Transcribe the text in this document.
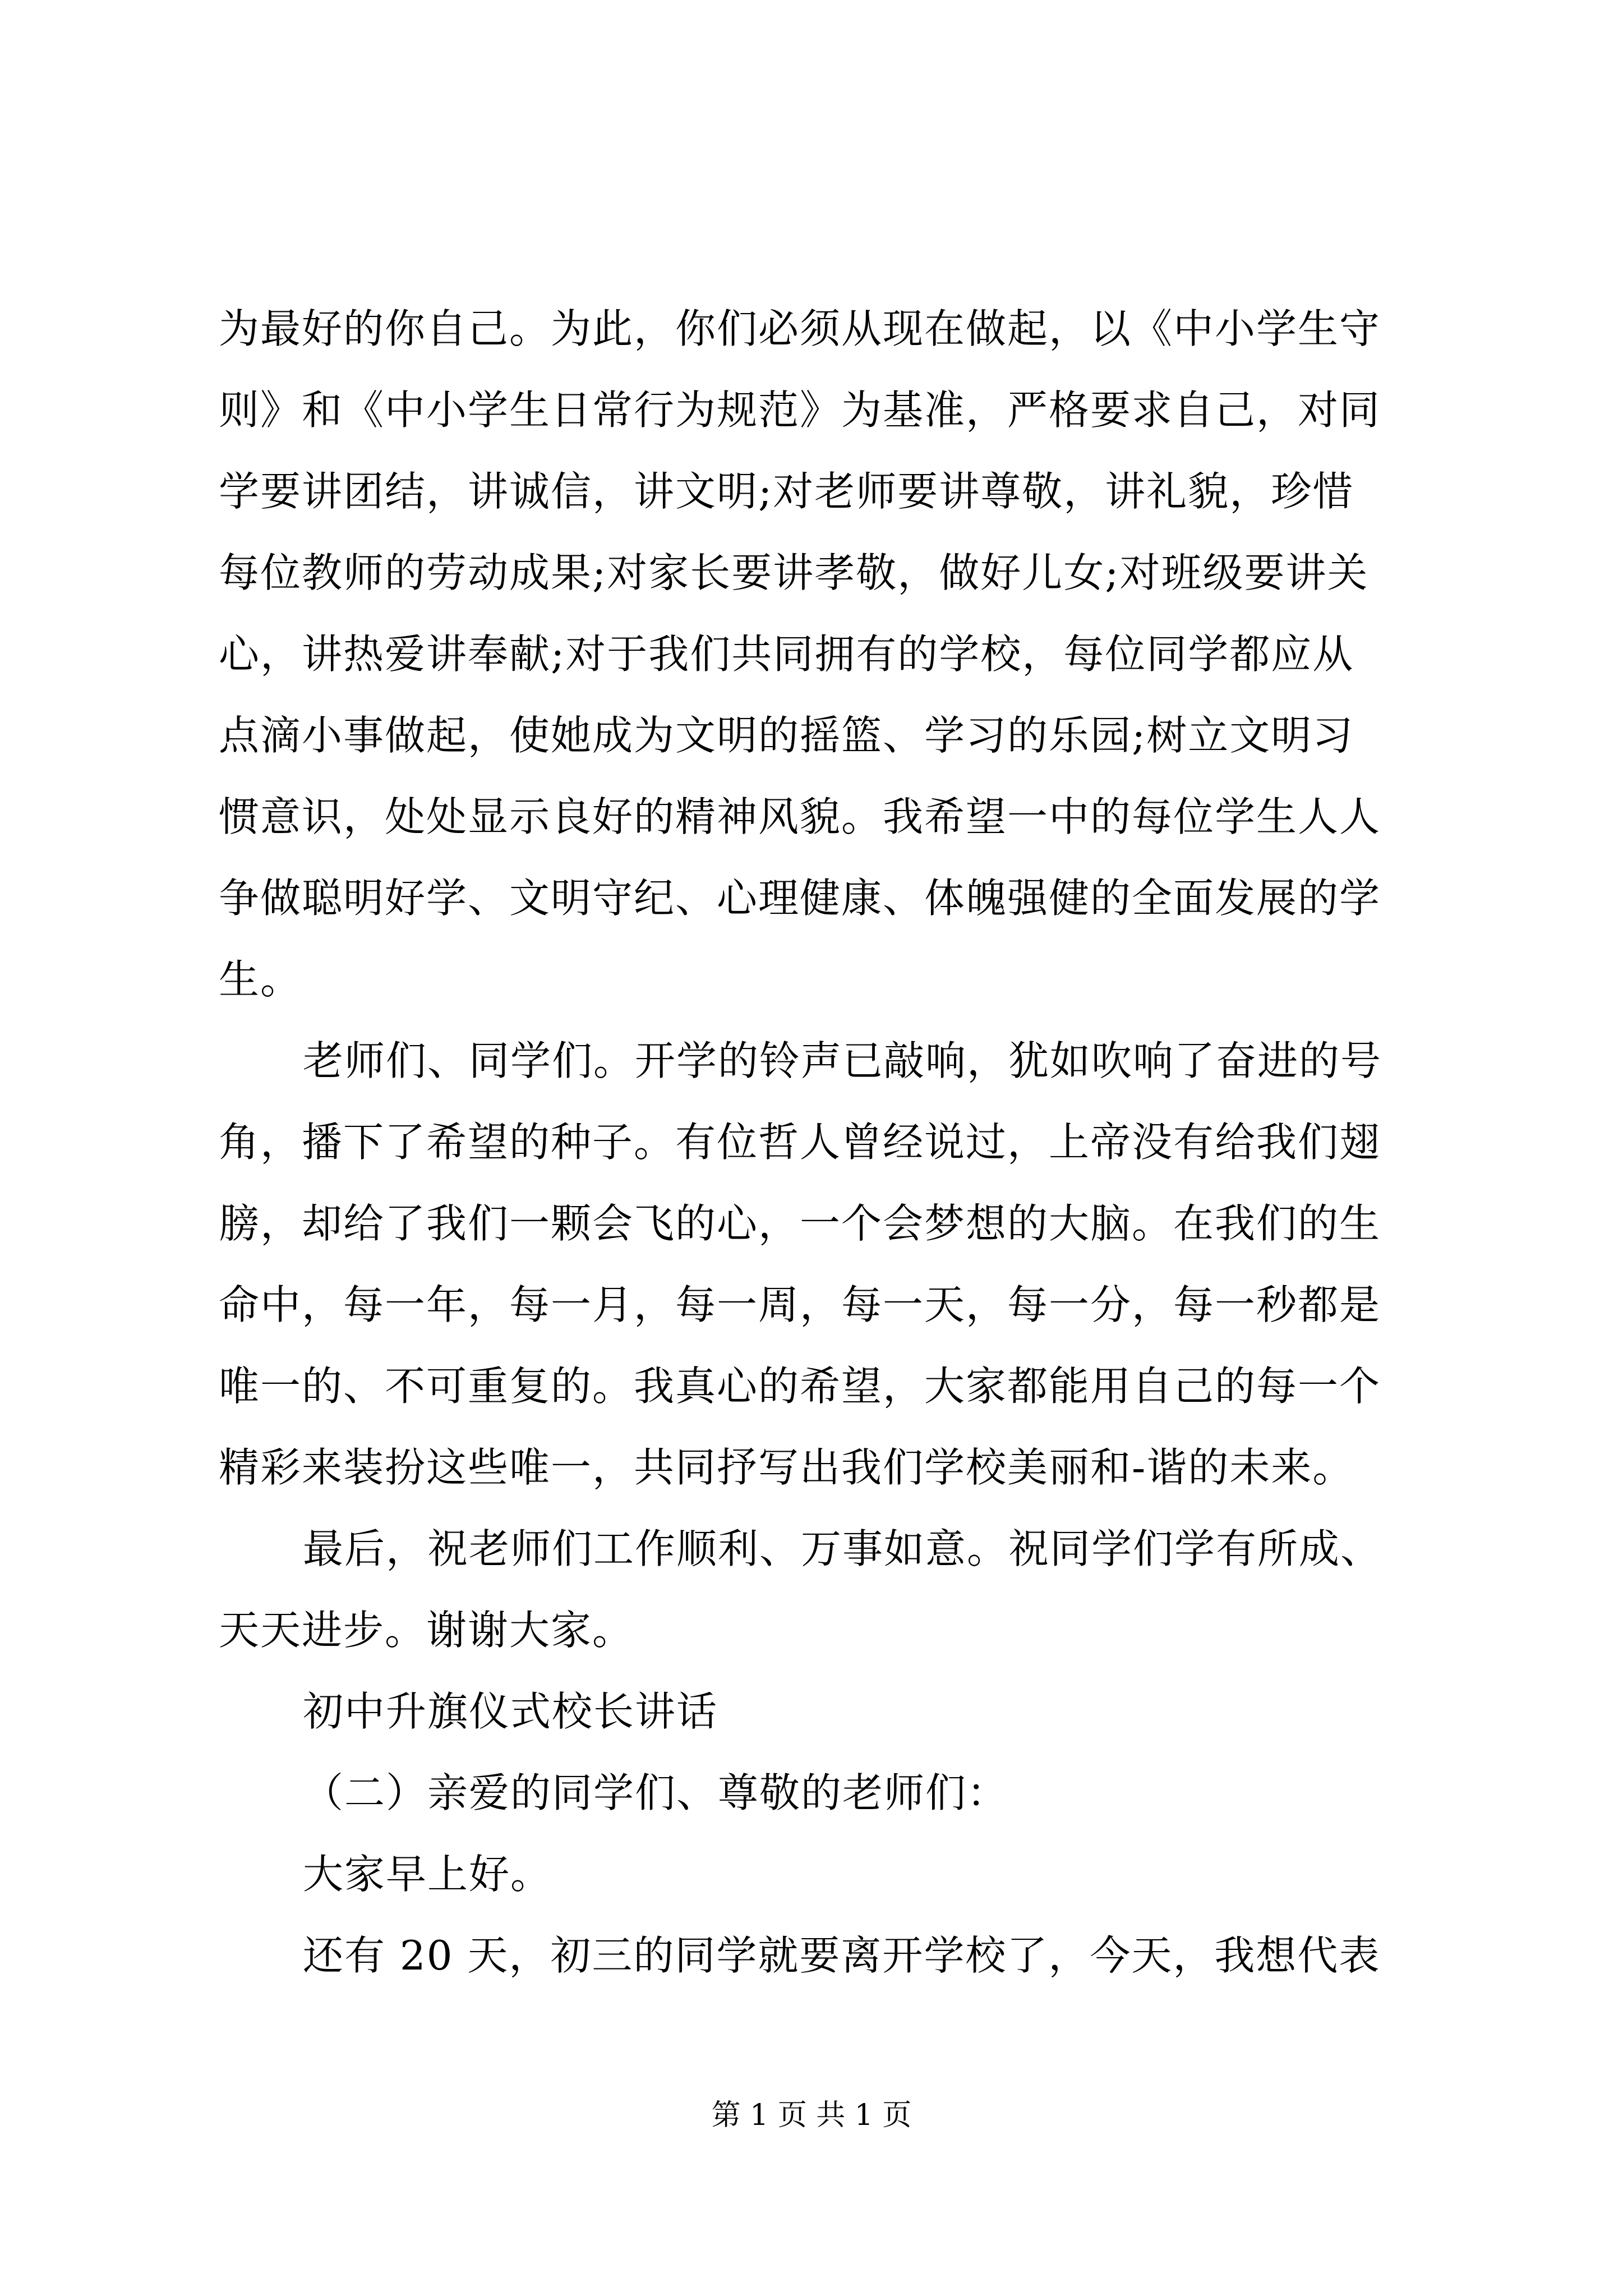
为最好的你自己。为此，你们必须从现在做起，以《中小学生守
则》和《中小学生日常行为规范》为基准，严格要求自己，对同
学要讲团结，讲诚信，讲文明;对老师要讲尊敬，讲礼貌，珍惜
每位教师的劳动成果;对家长要讲孝敬，做好儿女;对班级要讲关
心，讲热爱讲奉献;对于我们共同拥有的学校，每位同学都应从
点滴小事做起，使她成为文明的摇篮、学习的乐园;树立文明习
惯意识，处处显示良好的精神风貌。我希望一中的每位学生人人
争做聪明好学、文明守纪、心理健康、体魄强健的全面发展的学
生。
老师们、同学们。开学的铃声已敲响，犹如吹响了奋进的号
角，播下了希望的种子。有位哲人曾经说过，上帝没有给我们翅
膀，却给了我们一颗会飞的心，一个会梦想的大脑。在我们的生
命中，每一年，每一月，每一周，每一天，每一分，每一秒都是
唯一的、不可重复的。我真心的希望，大家都能用自己的每一个
精彩来装扮这些唯一，共同抒写出我们学校美丽和-谐的未来。
最后，祝老师们工作顺利、万事如意。祝同学们学有所成、
天天进步。谢谢大家。
初中升旗仪式校长讲话
（二）亲爱的同学们、尊敬的老师们：
大家早上好。
还有 20 天，初三的同学就要离开学校了，今天，我想代表
第 1 页 共 1 页
